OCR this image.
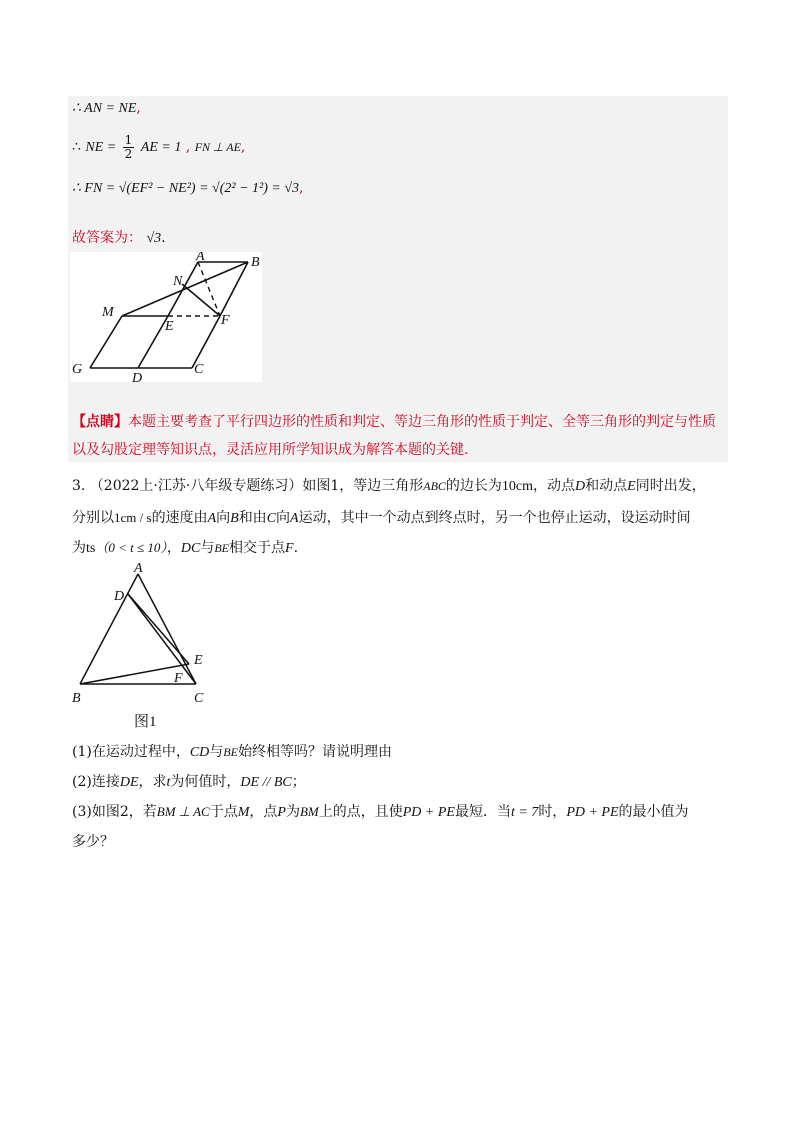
∴ AN = NE,
∴ NE = $\frac{1}{2}$ AE = 1 , FN ⊥ AE,
∴ FN = √(EF² − NE²) = √(2² − 1²) = √3,
故答案为： √3.
A	B
N
M
E	F
G
D
C
【点睛】本题主要考查了平行四边形的性质和判定、等边三角形的性质于判定、全等三角形的判定与性质
以及勾股定理等知识点，灵活应用所学知识成为解答本题的关键.
3. （2022上·江苏·八年级专题练习）如图1，等边三角形ABC的边长为10cm，动点D和动点E同时出发，
分别以1cm / s的速度由A向B和由C向A运动，其中一个动点到终点时，另一个也停止运动，设运动时间
为ts（0 < t ≤ 10），DC与BE相交于点F.
A
D
E
F
B	C
图1
(1)在运动过程中，CD与BE始终相等吗？请说明理由
(2)连接DE，求t为何值时，DE // BC；
(3)如图2，若BM ⊥ AC于点M，点P为BM上的点，且使PD + PE最短．当t = 7时，PD + PE的最小值为
多少？
